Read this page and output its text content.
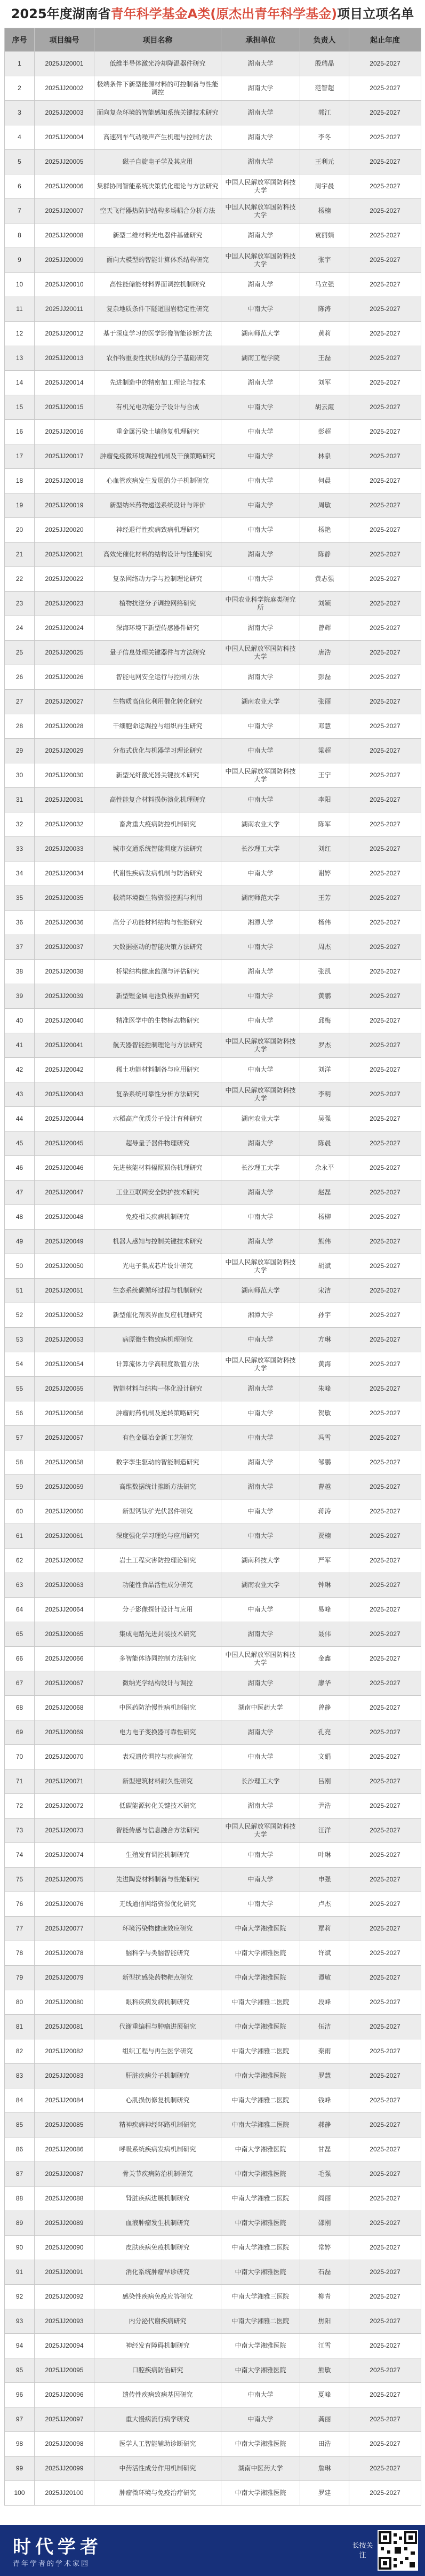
2025年度湖南省青年科学基金A类(原杰出青年科学基金)项目立项名单
序号	项目编号	项目名称	承担单位	负责人	起止年度
1	2025JJ20001	低维半导体激光冷却降温器件研究	湖南大学	殷瑞晶	2025-2027
2	2025JJ20002	极端条件下新型能源材料的可控制备与性能调控	湖南大学	范智超	2025-2027
3	2025JJ20003	面向复杂环境的智能感知系统关键技术研究	湖南大学	郭江	2025-2027
4	2025JJ20004	高速列车气动噪声产生机理与控制方法	湖南大学	李冬	2025-2027
5	2025JJ20005	磁子自旋电子学及其应用	湖南大学	王利元	2025-2027
6	2025JJ20006	集群协同智能系统决策优化理论与方法研究	中国人民解放军国防科技大学	周宇晨	2025-2027
7	2025JJ20007	空天飞行器热防护结构多场耦合分析方法	中国人民解放军国防科技大学	杨楠	2025-2027
8	2025JJ20008	新型二维材料光电器件基础研究	湖南大学	袁丽娟	2025-2027
9	2025JJ20009	面向大模型的智能计算体系结构研究	中国人民解放军国防科技大学	张宇	2025-2027
10	2025JJ20010	高性能储能材料界面调控机制研究	湖南大学	马立强	2025-2027
11	2025JJ20011	复杂地质条件下隧道围岩稳定性研究	中南大学	陈涛	2025-2027
12	2025JJ20012	基于深度学习的医学影像智能诊断方法	湖南师范大学	黄莉	2025-2027
13	2025JJ20013	农作物重要性状形成的分子基础研究	湖南工程学院	王磊	2025-2027
14	2025JJ20014	先进制造中的精密加工理论与技术	湖南大学	刘军	2025-2027
15	2025JJ20015	有机光电功能分子设计与合成	中南大学	胡云霞	2025-2027
16	2025JJ20016	重金属污染土壤修复机理研究	中南大学	彭超	2025-2027
17	2025JJ20017	肿瘤免疫微环境调控机制及干预策略研究	中南大学	林泉	2025-2027
18	2025JJ20018	心血管疾病发生发展的分子机制研究	中南大学	何晨	2025-2027
19	2025JJ20019	新型纳米药物递送系统设计与评价	中南大学	周敏	2025-2027
20	2025JJ20020	神经退行性疾病致病机理研究	中南大学	杨艳	2025-2027
21	2025JJ20021	高效光催化材料的结构设计与性能研究	湖南大学	陈静	2025-2027
22	2025JJ20022	复杂网络动力学与控制理论研究	中南大学	黄志强	2025-2027
23	2025JJ20023	植物抗逆分子调控网络研究	中国农业科学院麻类研究所	刘颖	2025-2027
24	2025JJ20024	深海环境下新型传感器件研究	湖南大学	曾辉	2025-2027
25	2025JJ20025	量子信息处理关键器件与方法研究	中国人民解放军国防科技大学	唐浩	2025-2027
26	2025JJ20026	智能电网安全运行与控制方法	湖南大学	彭磊	2025-2027
27	2025JJ20027	生物质高值化利用催化转化研究	湖南农业大学	张丽	2025-2027
28	2025JJ20028	干细胞命运调控与组织再生研究	中南大学	邓慧	2025-2027
29	2025JJ20029	分布式优化与机器学习理论研究	中南大学	梁超	2025-2027
30	2025JJ20030	新型光纤激光器关键技术研究	中国人民解放军国防科技大学	王宁	2025-2027
31	2025JJ20031	高性能复合材料损伤演化机理研究	中南大学	李阳	2025-2027
32	2025JJ20032	畜禽重大疫病防控机制研究	湖南农业大学	陈军	2025-2027
33	2025JJ20033	城市交通系统智能调度方法研究	长沙理工大学	刘红	2025-2027
34	2025JJ20034	代谢性疾病发病机制与防治研究	中南大学	谢婷	2025-2027
35	2025JJ20035	极端环境微生物资源挖掘与利用	湖南师范大学	王芳	2025-2027
36	2025JJ20036	高分子功能材料结构与性能研究	湘潭大学	杨伟	2025-2027
37	2025JJ20037	大数据驱动的智能决策方法研究	中南大学	周杰	2025-2027
38	2025JJ20038	桥梁结构健康监测与评估研究	湖南大学	张凯	2025-2027
39	2025JJ20039	新型锂金属电池负极界面研究	中南大学	黄鹏	2025-2027
40	2025JJ20040	精准医学中的生物标志物研究	中南大学	邱梅	2025-2027
41	2025JJ20041	航天器智能控制理论与方法研究	中国人民解放军国防科技大学	罗杰	2025-2027
42	2025JJ20042	稀土功能材料制备与应用研究	中南大学	刘洋	2025-2027
43	2025JJ20043	复杂系统可靠性分析方法研究	中国人民解放军国防科技大学	李明	2025-2027
44	2025JJ20044	水稻高产优质分子设计育种研究	湖南农业大学	吴强	2025-2027
45	2025JJ20045	超导量子器件物理研究	湖南大学	陈晨	2025-2027
46	2025JJ20046	先进核能材料辐照损伤机理研究	长沙理工大学	余永平	2025-2027
47	2025JJ20047	工业互联网安全防护技术研究	湖南大学	赵磊	2025-2027
48	2025JJ20048	免疫相关疾病机制研究	中南大学	杨柳	2025-2027
49	2025JJ20049	机器人感知与控制关键技术研究	湖南大学	熊伟	2025-2027
50	2025JJ20050	光电子集成芯片设计研究	中国人民解放军国防科技大学	胡斌	2025-2027
51	2025JJ20051	生态系统碳循环过程与机制研究	湖南师范大学	宋洁	2025-2027
52	2025JJ20052	新型催化剂表界面反应机理研究	湘潭大学	孙宇	2025-2027
53	2025JJ20053	病原微生物致病机理研究	中南大学	方琳	2025-2027
54	2025JJ20054	计算流体力学高精度数值方法	中国人民解放军国防科技大学	黄海	2025-2027
55	2025JJ20055	智能材料与结构一体化设计研究	湖南大学	朱峰	2025-2027
56	2025JJ20056	肿瘤耐药机制及逆转策略研究	中南大学	贺敏	2025-2027
57	2025JJ20057	有色金属冶金新工艺研究	中南大学	冯雪	2025-2027
58	2025JJ20058	数字孪生驱动的智能制造研究	湖南大学	邹鹏	2025-2027
59	2025JJ20059	高维数据统计推断方法研究	湖南大学	曹越	2025-2027
60	2025JJ20060	新型钙钛矿光伏器件研究	中南大学	蒋涛	2025-2027
61	2025JJ20061	深度强化学习理论与应用研究	中南大学	贾楠	2025-2027
62	2025JJ20062	岩土工程灾害防控理论研究	湖南科技大学	严军	2025-2027
63	2025JJ20063	功能性食品活性成分研究	湖南农业大学	钟琳	2025-2027
64	2025JJ20064	分子影像探针设计与应用	中南大学	易峰	2025-2027
65	2025JJ20065	集成电路先进封装技术研究	湖南大学	聂伟	2025-2027
66	2025JJ20066	多智能体协同控制方法研究	中国人民解放军国防科技大学	金鑫	2025-2027
67	2025JJ20067	微纳光学结构设计与调控	湖南大学	廖华	2025-2027
68	2025JJ20068	中医药防治慢性病机制研究	湖南中医药大学	曾静	2025-2027
69	2025JJ20069	电力电子变换器可靠性研究	湖南大学	孔亮	2025-2027
70	2025JJ20070	表观遗传调控与疾病研究	中南大学	文娟	2025-2027
71	2025JJ20071	新型建筑材料耐久性研究	长沙理工大学	吕刚	2025-2027
72	2025JJ20072	低碳能源转化关键技术研究	湖南大学	尹浩	2025-2027
73	2025JJ20073	智能传感与信息融合方法研究	中国人民解放军国防科技大学	汪洋	2025-2027
74	2025JJ20074	生殖发育调控机制研究	中南大学	叶琳	2025-2027
75	2025JJ20075	先进陶瓷材料制备与性能研究	中南大学	申强	2025-2027
76	2025JJ20076	无线通信网络资源优化研究	中南大学	卢杰	2025-2027
77	2025JJ20077	环境污染物健康效应研究	中南大学湘雅医院	覃莉	2025-2027
78	2025JJ20078	脑科学与类脑智能研究	中南大学湘雅医院	许斌	2025-2027
79	2025JJ20079	新型抗感染药物靶点研究	中南大学湘雅医院	谭敏	2025-2027
80	2025JJ20080	眼科疾病发病机制研究	中南大学湘雅二医院	段峰	2025-2027
81	2025JJ20081	代谢重编程与肿瘤进展研究	中南大学湘雅医院	伍洁	2025-2027
82	2025JJ20082	组织工程与再生医学研究	中南大学湘雅二医院	秦雨	2025-2027
83	2025JJ20083	肝脏疾病分子机制研究	中南大学湘雅医院	罗慧	2025-2027
84	2025JJ20084	心肌损伤修复机制研究	中南大学湘雅二医院	钱峰	2025-2027
85	2025JJ20085	精神疾病神经环路机制研究	中南大学湘雅二医院	郝静	2025-2027
86	2025JJ20086	呼吸系统疾病发病机制研究	中南大学湘雅医院	甘磊	2025-2027
87	2025JJ20087	骨关节疾病防治机制研究	中南大学湘雅医院	毛强	2025-2027
88	2025JJ20088	肾脏疾病进展机制研究	中南大学湘雅二医院	阎丽	2025-2027
89	2025JJ20089	血液肿瘤发生机制研究	中南大学湘雅医院	邵刚	2025-2027
90	2025JJ20090	皮肤疾病免疫机制研究	中南大学湘雅二医院	常婷	2025-2027
91	2025JJ20091	消化系统肿瘤早诊研究	中南大学湘雅医院	石磊	2025-2027
92	2025JJ20092	感染性疾病免疫应答研究	中南大学湘雅三医院	柳青	2025-2027
93	2025JJ20093	内分泌代谢疾病研究	中南大学湘雅二医院	焦阳	2025-2027
94	2025JJ20094	神经发育障碍机制研究	中南大学湘雅医院	江雪	2025-2027
95	2025JJ20095	口腔疾病防治研究	中南大学湘雅医院	熊敏	2025-2027
96	2025JJ20096	遗传性疾病致病基因研究	中南大学	夏峰	2025-2027
97	2025JJ20097	重大慢病流行病学研究	中南大学	龚丽	2025-2027
98	2025JJ20098	医学人工智能辅助诊断研究	中南大学湘雅医院	田浩	2025-2027
99	2025JJ20099	中药活性成分作用机制研究	湖南中医药大学	詹琳	2025-2027
100	2025JJ20100	肿瘤微环境与免疫治疗研究	中南大学湘雅医院	罗建	2025-2027
时代学者
青年学者的学术家园
长按关注
